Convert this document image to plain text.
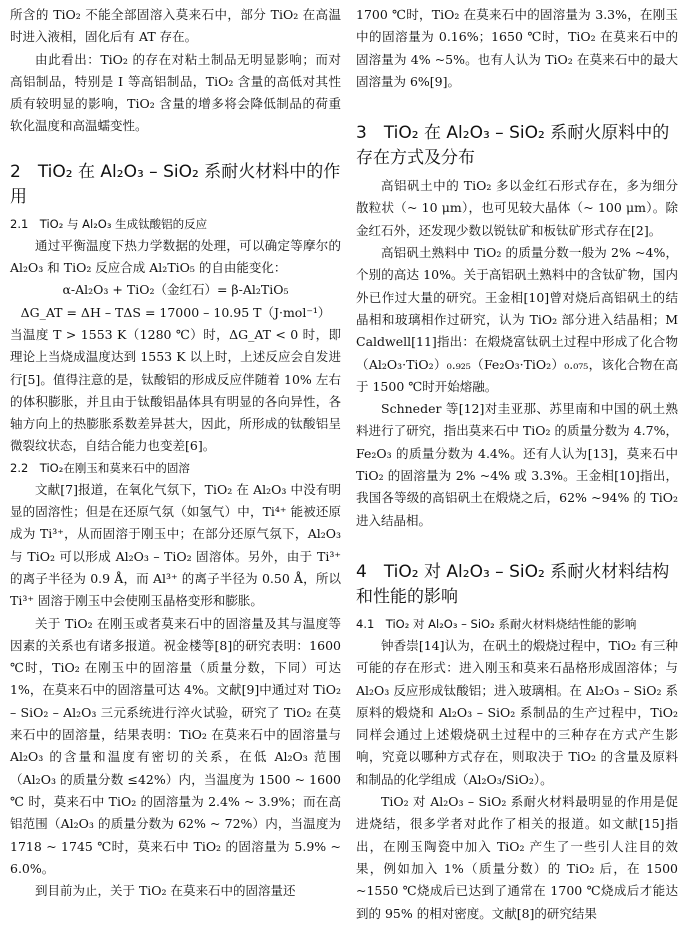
所含的 TiO₂ 不能全部固溶入莫来石中，部分 TiO₂ 在高温时进入液相，固化后有 AT 存在。

由此看出：TiO₂ 的存在对粘土制品无明显影响；而对高铝制品，特别是 Ⅰ 等高铝制品，TiO₂ 含量的高低对其性质有较明显的影响，TiO₂ 含量的增多将会降低制品的荷重软化温度和高温蠕变性。

2　TiO₂ 在 Al₂O₃ – SiO₂ 系耐火材料中的作用
2.1　TiO₂ 与 Al₂O₃ 生成钛酸铝的反应

通过平衡温度下热力学数据的处理，可以确定等摩尔的 Al₂O₃ 和 TiO₂ 反应合成 Al₂TiO₅ 的自由能变化：

α-Al₂O₃ + TiO₂（金红石）= β-Al₂TiO₅

ΔG_AT = ΔH – TΔS = 17000 – 10.95 T（J·mol⁻¹）

当温度 T > 1553 K（1280 ℃）时，ΔG_AT < 0 时，即理论上当烧成温度达到 1553 K 以上时，上述反应会自发进行[5]。值得注意的是，钛酸铝的形成反应伴随着 10% 左右的体积膨胀，并且由于钛酸铝晶体具有明显的各向异性，各轴方向上的热膨胀系数差异甚大，因此，所形成的钛酸铝呈微裂纹状态，自结合能力也变差[6]。

2.2　TiO₂在刚玉和莫来石中的固溶

文献[7]报道，在氧化气氛下，TiO₂ 在 Al₂O₃ 中没有明显的固溶性；但是在还原气氛（如氢气）中，Ti⁴⁺ 能被还原成为 Ti³⁺，从而固溶于刚玉中；在部分还原气氛下，Al₂O₃ 与 TiO₂ 可以形成 Al₂O₃ – TiO₂ 固溶体。另外，由于 Ti³⁺ 的离子半径为 0.9 Å，而 Al³⁺ 的离子半径为 0.50 Å，所以 Ti³⁺ 固溶于刚玉中会使刚玉晶格变形和膨胀。

关于 TiO₂ 在刚玉或者莫来石中的固溶量及其与温度等因素的关系也有诸多报道。祝金楼等[8]的研究表明：1600 ℃时，TiO₂ 在刚玉中的固溶量（质量分数，下同）可达 1%，在莫来石中的固溶量可达 4%。文献[9]中通过对 TiO₂ – SiO₂ – Al₂O₃ 三元系统进行淬火试验，研究了 TiO₂ 在莫来石中的固溶量，结果表明：TiO₂ 在莫来石中的固溶量与 Al₂O₃ 的含量和温度有密切的关系，在低 Al₂O₃ 范围（Al₂O₃ 的质量分数 ≤42%）内，当温度为 1500 ~ 1600 ℃ 时，莫来石中 TiO₂ 的固溶量为 2.4% ~ 3.9%；而在高铝范围（Al₂O₃ 的质量分数为 62% ~ 72%）内，当温度为 1718 ~ 1745 ℃时，莫来石中 TiO₂ 的固溶量为 5.9% ~ 6.0%。

到目前为止，关于 TiO₂ 在莫来石中的固溶量还

1700 ℃时，TiO₂ 在莫来石中的固溶量为 3.3%，在刚玉中的固溶量为 0.16%；1650 ℃时，TiO₂ 在莫来石中的固溶量为 4% ~5%。也有人认为 TiO₂ 在莫来石中的最大固溶量为 6%[9]。

3　TiO₂ 在 Al₂O₃ – SiO₂ 系耐火原料中的存在方式及分布

高铝矾土中的 TiO₂ 多以金红石形式存在，多为细分散粒状（~ 10 μm），也可见较大晶体（~ 100 μm）。除金红石外，还发现少数以锐钛矿和板钛矿形式存在[2]。

高铝矾土熟料中 TiO₂ 的质量分数一般为 2% ~4%，个别的高达 10%。关于高铝矾土熟料中的含钛矿物，国内外已作过大量的研究。王金相[10]曾对烧后高铝矾土的结晶相和玻璃相作过研究，认为 TiO₂ 部分进入结晶相；M Caldwell[11]指出：在煅烧富钛矾土过程中形成了化合物（Al₂O₃·TiO₂）₀.₉₂₅（Fe₂O₃·TiO₂）₀.₀₇₅，该化合物在高于 1500 ℃时开始熔融。

Schneder 等[12]对圭亚那、苏里南和中国的矾土熟料进行了研究，指出莫来石中 TiO₂ 的质量分数为 4.7%，Fe₂O₃ 的质量分数为 4.4%。还有人认为[13]，莫来石中 TiO₂ 的固溶量为 2% ~4% 或 3.3%。王金相[10]指出，我国各等级的高铝矾土在煅烧之后，62% ~94% 的 TiO₂ 进入结晶相。

4　TiO₂ 对 Al₂O₃ – SiO₂ 系耐火材料结构和性能的影响
4.1　TiO₂ 对 Al₂O₃ – SiO₂ 系耐火材料烧结性能的影响

钟香崇[14]认为，在矾土的煅烧过程中，TiO₂ 有三种可能的存在形式：进入刚玉和莫来石晶格形成固溶体；与 Al₂O₃ 反应形成钛酸铝；进入玻璃相。在 Al₂O₃ – SiO₂ 系原料的煅烧和 Al₂O₃ – SiO₂ 系制品的生产过程中，TiO₂ 同样会通过上述煅烧矾土过程中的三种存在方式产生影响，究竟以哪种方式存在，则取决于 TiO₂ 的含量及原料和制品的化学组成（Al₂O₃/SiO₂）。

TiO₂ 对 Al₂O₃ – SiO₂ 系耐火材料最明显的作用是促进烧结，很多学者对此作了相关的报道。如文献[15]指出，在刚玉陶瓷中加入 TiO₂ 产生了一些引人注目的效果，例如加入 1%（质量分数）的 TiO₂ 后，在 1500 ~1550 ℃烧成后已达到了通常在 1700 ℃烧成后才能达到的 95% 的相对密度。文献[8]的研究结果
